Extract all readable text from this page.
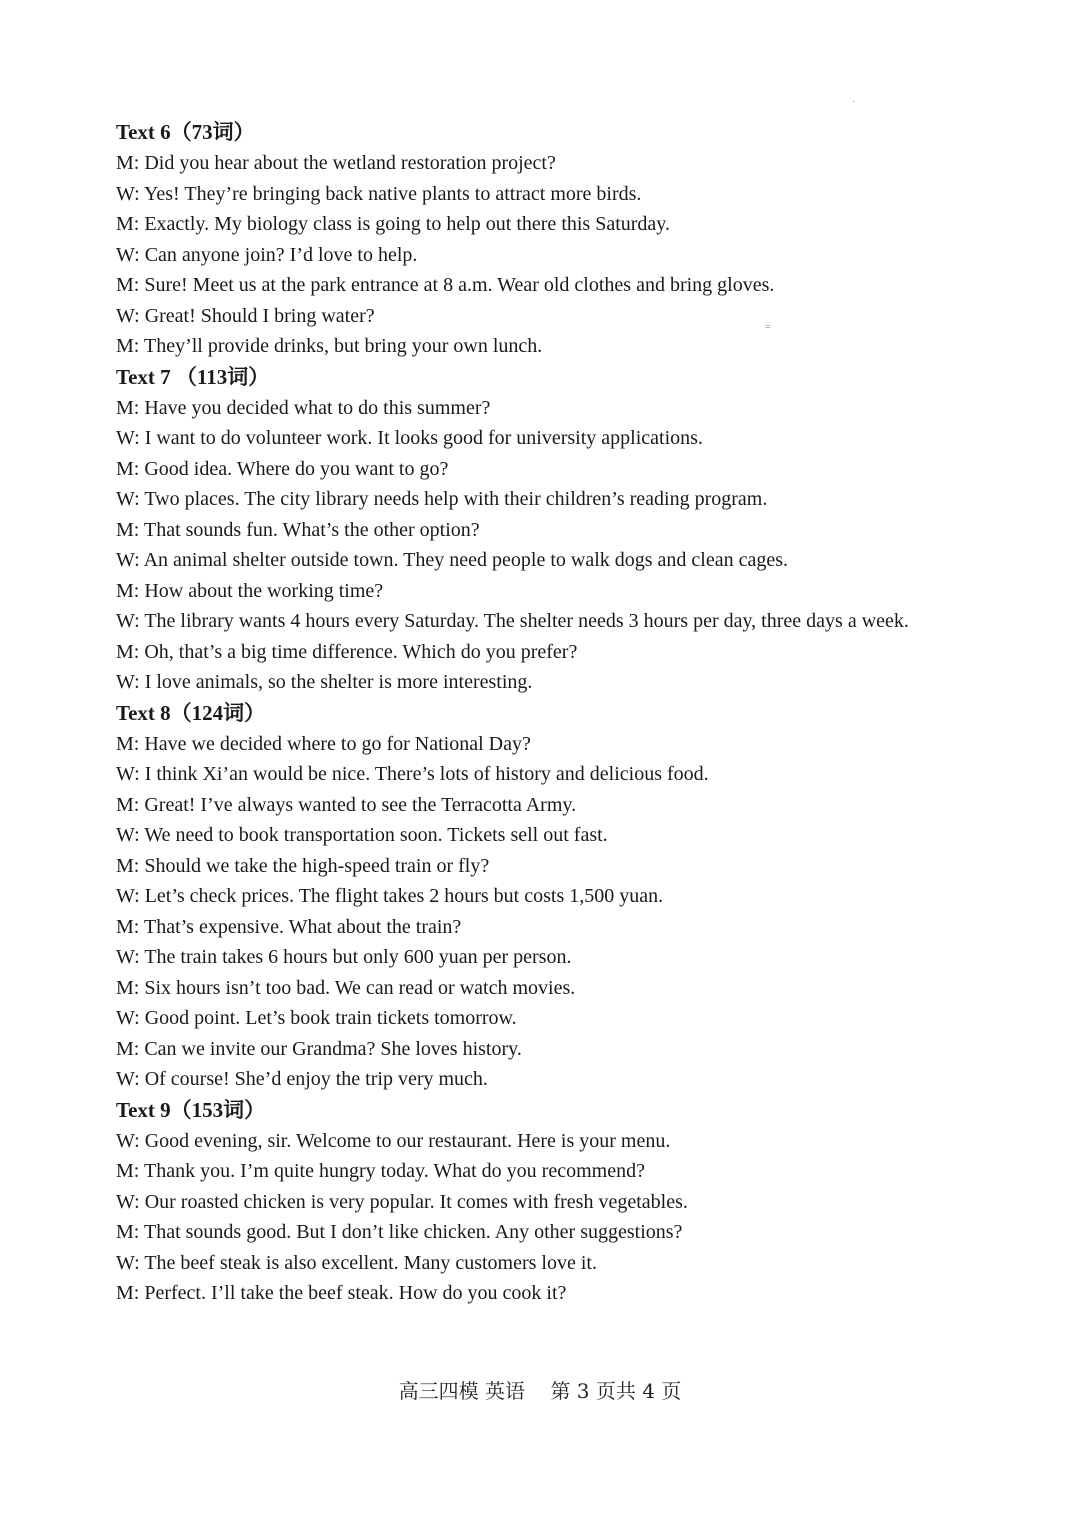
Text 6（73词）
M: Did you hear about the wetland restoration project?
W: Yes! They’re bringing back native plants to attract more birds.
M: Exactly. My biology class is going to help out there this Saturday.
W: Can anyone join? I’d love to help.
M: Sure! Meet us at the park entrance at 8 a.m. Wear old clothes and bring gloves.
W: Great! Should I bring water?
M: They’ll provide drinks, but bring your own lunch.
Text 7 （113词）
M: Have you decided what to do this summer?
W: I want to do volunteer work. It looks good for university applications.
M: Good idea. Where do you want to go?
W: Two places. The city library needs help with their children’s reading program.
M: That sounds fun. What’s the other option?
W: An animal shelter outside town. They need people to walk dogs and clean cages.
M: How about the working time?
W: The library wants 4 hours every Saturday. The shelter needs 3 hours per day, three days a week.
M: Oh, that’s a big time difference. Which do you prefer?
W: I love animals, so the shelter is more interesting.
Text 8（124词）
M: Have we decided where to go for National Day?
W: I think Xi’an would be nice. There’s lots of history and delicious food.
M: Great! I’ve always wanted to see the Terracotta Army.
W: We need to book transportation soon. Tickets sell out fast.
M: Should we take the high-speed train or fly?
W: Let’s check prices. The flight takes 2 hours but costs 1,500 yuan.
M: That’s expensive. What about the train?
W: The train takes 6 hours but only 600 yuan per person.
M: Six hours isn’t too bad. We can read or watch movies.
W: Good point. Let’s book train tickets tomorrow.
M: Can we invite our Grandma? She loves history.
W: Of course! She’d enjoy the trip very much.
Text 9（153词）
W: Good evening, sir. Welcome to our restaurant. Here is your menu.
M: Thank you. I’m quite hungry today. What do you recommend?
W: Our roasted chicken is very popular. It comes with fresh vegetables.
M: That sounds good. But I don’t like chicken. Any other suggestions?
W: The beef steak is also excellent. Many customers love it.
M: Perfect. I’ll take the beef steak. How do you cook it?
高三四模 英语    第 3 页共 4 页
·
=
